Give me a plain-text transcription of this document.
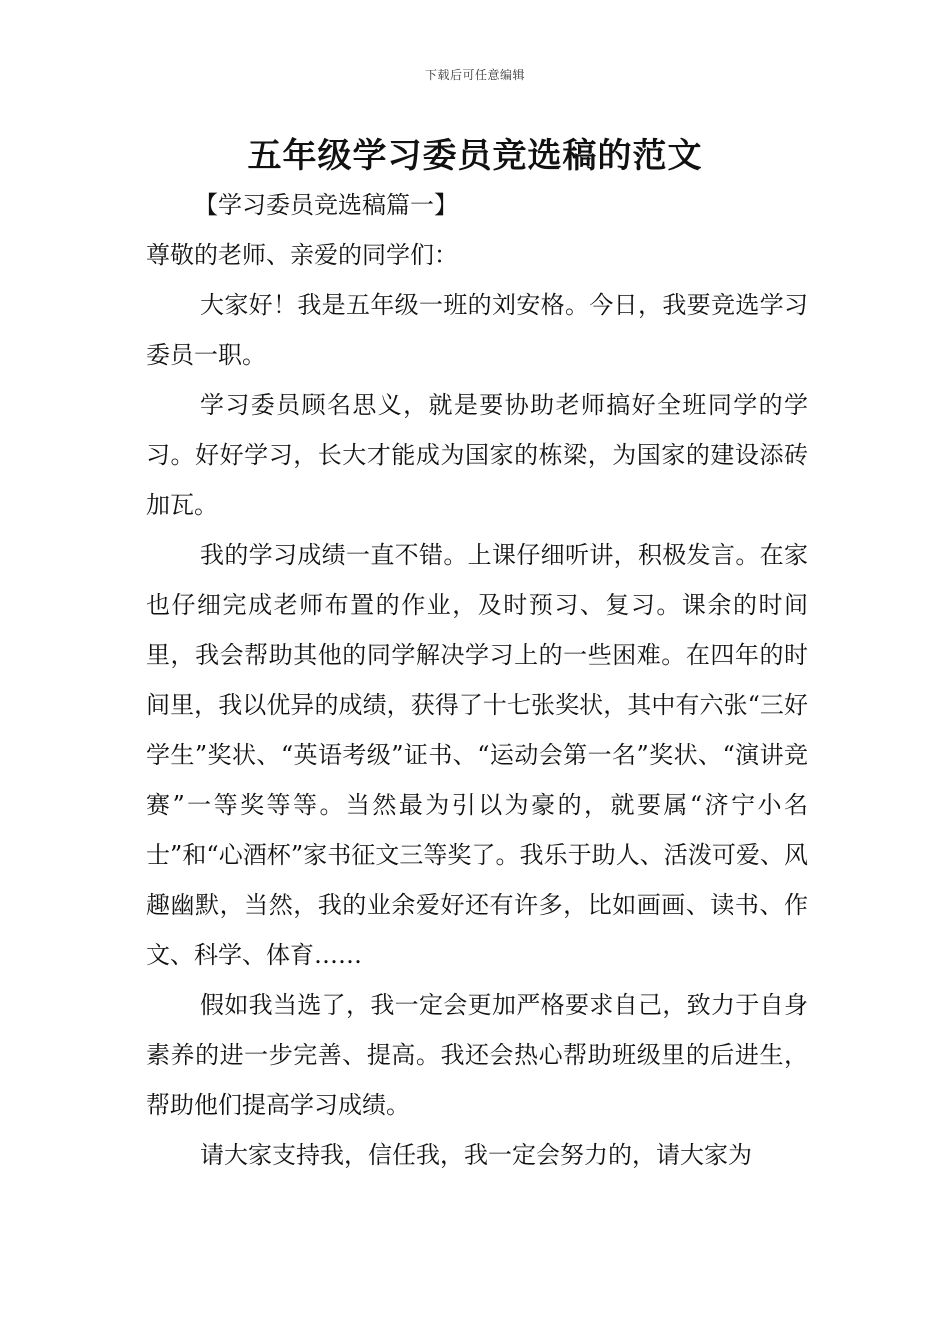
下载后可任意编辑
五年级学习委员竞选稿的范文

【学习委员竞选稿篇一】

尊敬的老师、亲爱的同学们：

大家好！我是五年级一班的刘安格。今日，我要竞选学习委员一职。

学习委员顾名思义，就是要协助老师搞好全班同学的学习。好好学习，长大才能成为国家的栋梁，为国家的建设添砖加瓦。

我的学习成绩一直不错。上课仔细听讲，积极发言。在家也仔细完成老师布置的作业，及时预习、复习。课余的时间里，我会帮助其他的同学解决学习上的一些困难。在四年的时间里，我以优异的成绩，获得了十七张奖状，其中有六张“三好学生”奖状、“英语考级”证书、“运动会第一名”奖状、“演讲竞赛”一等奖等等。当然最为引以为豪的，就要属“济宁小名士”和“心酒杯”家书征文三等奖了。我乐于助人、活泼可爱、风趣幽默，当然，我的业余爱好还有许多，比如画画、读书、作文、科学、体育……

假如我当选了，我一定会更加严格要求自己，致力于自身素养的进一步完善、提高。我还会热心帮助班级里的后进生，帮助他们提高学习成绩。

请大家支持我，信任我，我一定会努力的，请大家为
